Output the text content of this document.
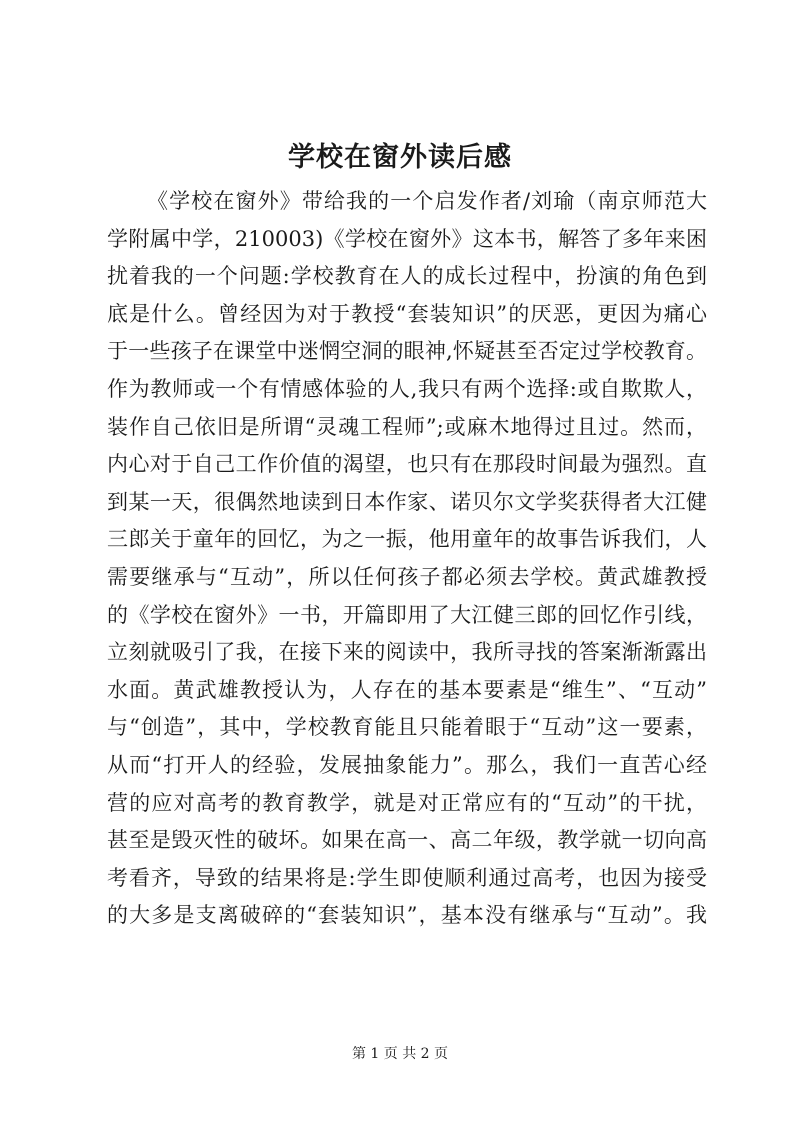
学校在窗外读后感
《学校在窗外》带给我的一个启发作者/刘瑜（南京师范大
学附属中学，210003)《学校在窗外》这本书，解答了多年来困
扰着我的一个问题:学校教育在人的成长过程中，扮演的角色到
底是什么。曾经因为对于教授“套装知识”的厌恶，更因为痛心
于一些孩子在课堂中迷惘空洞的眼神,怀疑甚至否定过学校教育。
作为教师或一个有情感体验的人,我只有两个选择:或自欺欺人，
装作自己依旧是所谓“灵魂工程师”;或麻木地得过且过。然而，
内心对于自己工作价值的渴望，也只有在那段时间最为强烈。直
到某一天，很偶然地读到日本作家、诺贝尔文学奖获得者大江健
三郎关于童年的回忆，为之一振，他用童年的故事告诉我们，人
需要继承与“互动”，所以任何孩子都必须去学校。黄武雄教授
的《学校在窗外》一书，开篇即用了大江健三郎的回忆作引线，
立刻就吸引了我，在接下来的阅读中，我所寻找的答案渐渐露出
水面。黄武雄教授认为，人存在的基本要素是“维生”、“互动”
与“创造”，其中，学校教育能且只能着眼于“互动”这一要素，
从而“打开人的经验，发展抽象能力”。那么，我们一直苦心经
营的应对高考的教育教学，就是对正常应有的“互动”的干扰，
甚至是毁灭性的破坏。如果在高一、高二年级，教学就一切向高
考看齐，导致的结果将是:学生即使顺利通过高考，也因为接受
的大多是支离破碎的“套装知识”，基本没有继承与“互动”。我
第 1 页 共 2 页
